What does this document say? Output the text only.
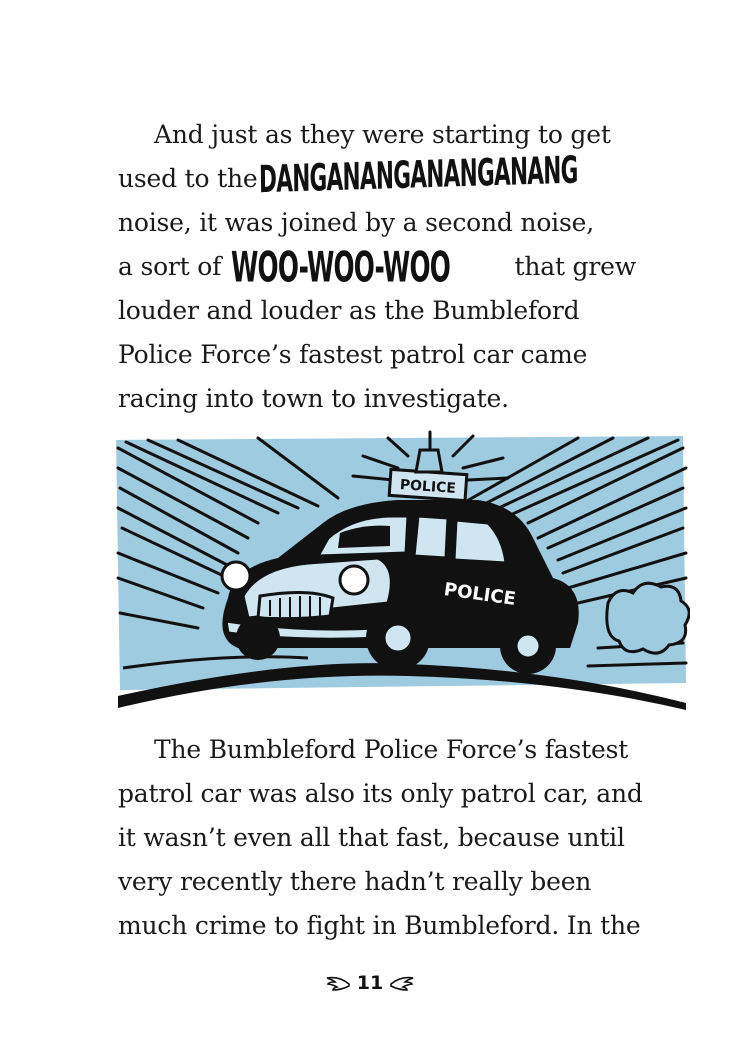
And just as they were starting to get
used to theDANGANANGANANGANANG
noise, it was joined by a second noise,
a sort of WOO-WOO-WOO	that grew
louder and louder as the Bumbleford
Police Force’s fastest patrol car came
racing into town to investigate.
POLICE
POLICE
The Bumbleford Police Force’s fastest
patrol car was also its only patrol car, and
it wasn’t even all that fast, because until
very recently there hadn’t really been
much crime to fight in Bumbleford. In the
11
